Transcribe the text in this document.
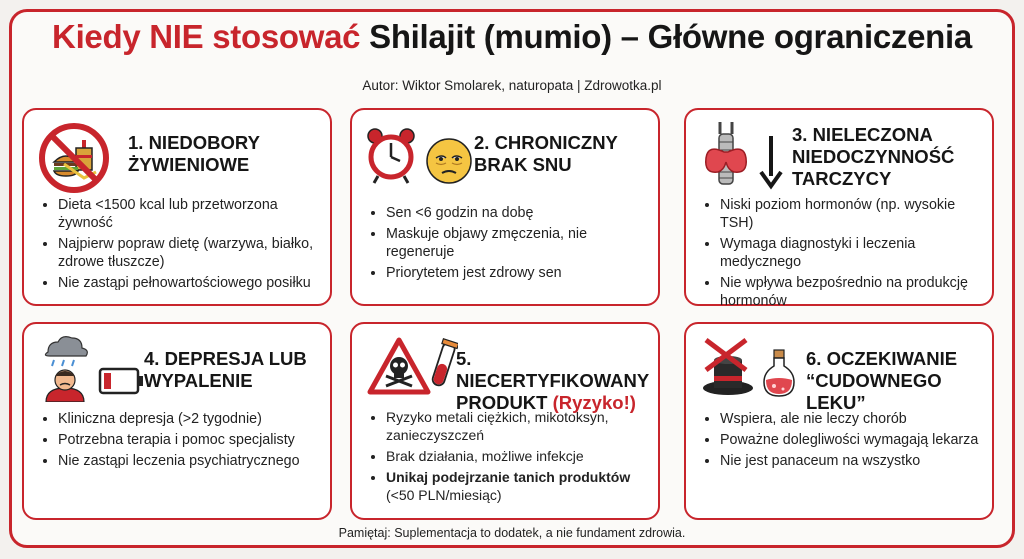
Kiedy NIE stosować Shilajit (mumio) – Główne ograniczenia
Autor: Wiktor Smolarek, naturopata | Zdrowotka.pl
1. NIEDOBORY
ŻYWIENIOWE
• Dieta <1500 kcal lub przetworzona żywność
• Najpierw popraw dietę (warzywa, białko, zdrowe tłuszcze)
• Nie zastąpi pełnowartościowego posiłku

2. CHRONICZNY
BRAK SNU
• Sen <6 godzin na dobę
• Maskuje objawy zmęczenia, nie regeneruje
• Priorytetem jest zdrowy sen

3. NIELECZONA
NIEDOCZYNNOŚĆ
TARCZYCY
• Niski poziom hormonów (np. wysokie TSH)
• Wymaga diagnostyki i leczenia medycznego
• Nie wpływa bezpośrednio na produkcję hormonów

4. DEPRESJA LUB
WYPALENIE
• Kliniczna depresja (>2 tygodnie)
• Potrzebna terapia i pomoc specjalisty
• Nie zastąpi leczenia psychiatrycznego

5. NIECERTYFIKOWANY
PRODUKT (Ryzyko!)
• Ryzyko metali ciężkich, mikotoksyn, zanieczyszczeń
• Brak działania, możliwe infekcje
• Unikaj podejrzanie tanich produktów
(<50 PLN/miesiąc)

6. OCZEKIWANIE
“CUDOWNEGO LEKU”
• Wspiera, ale nie leczy chorób
• Poważne dolegliwości wymagają lekarza
• Nie jest panaceum na wszystko
Pamiętaj: Suplementacja to dodatek, a nie fundament zdrowia.
